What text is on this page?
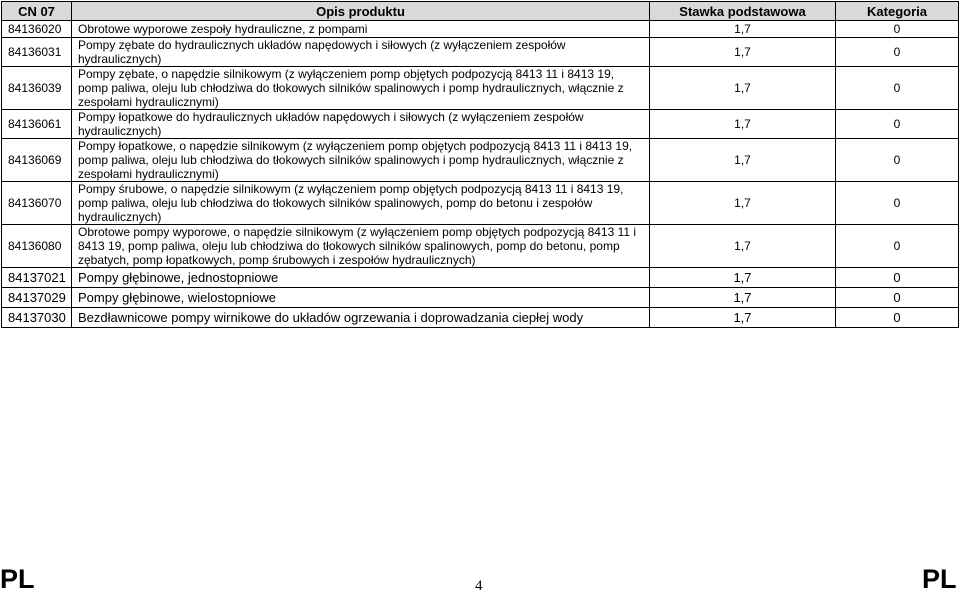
CN 07	Opis produktu	Stawka podstawowa	Kategoria
84136020	Obrotowe wyporowe zespoły hydrauliczne, z pompami	1,7	0
84136031	Pompy zębate do hydraulicznych układów napędowych i siłowych (z wyłączeniem zespołów hydraulicznych)	1,7	0
84136039	Pompy zębate, o napędzie silnikowym (z wyłączeniem pomp objętych podpozycją 8413 11 i 8413 19, pomp paliwa, oleju lub chłodziwa do tłokowych silników spalinowych i pomp hydraulicznych, włącznie z zespołami hydraulicznymi)	1,7	0
84136061	Pompy łopatkowe do hydraulicznych układów napędowych i siłowych (z wyłączeniem zespołów hydraulicznych)	1,7	0
84136069	Pompy łopatkowe, o napędzie silnikowym (z wyłączeniem pomp objętych podpozycją 8413 11 i 8413 19, pomp paliwa, oleju lub chłodziwa do tłokowych silników spalinowych i pomp hydraulicznych, włącznie z zespołami hydraulicznymi)	1,7	0
84136070	Pompy śrubowe, o napędzie silnikowym (z wyłączeniem pomp objętych podpozycją 8413 11 i 8413 19, pomp paliwa, oleju lub chłodziwa do tłokowych silników spalinowych, pomp do betonu i zespołów hydraulicznych)	1,7	0
84136080	Obrotowe pompy wyporowe, o napędzie silnikowym (z wyłączeniem pomp objętych podpozycją 8413 11 i 8413 19, pomp paliwa, oleju lub chłodziwa do tłokowych silników spalinowych, pomp do betonu, pomp zębatych, pomp łopatkowych, pomp śrubowych i zespołów hydraulicznych)	1,7	0
84137021	Pompy głębinowe, jednostopniowe	1,7	0
84137029	Pompy głębinowe, wielostopniowe	1,7	0
84137030	Bezdławnicowe pompy wirnikowe do układów ogrzewania i doprowadzania ciepłej wody	1,7	0
PL	4	PL
